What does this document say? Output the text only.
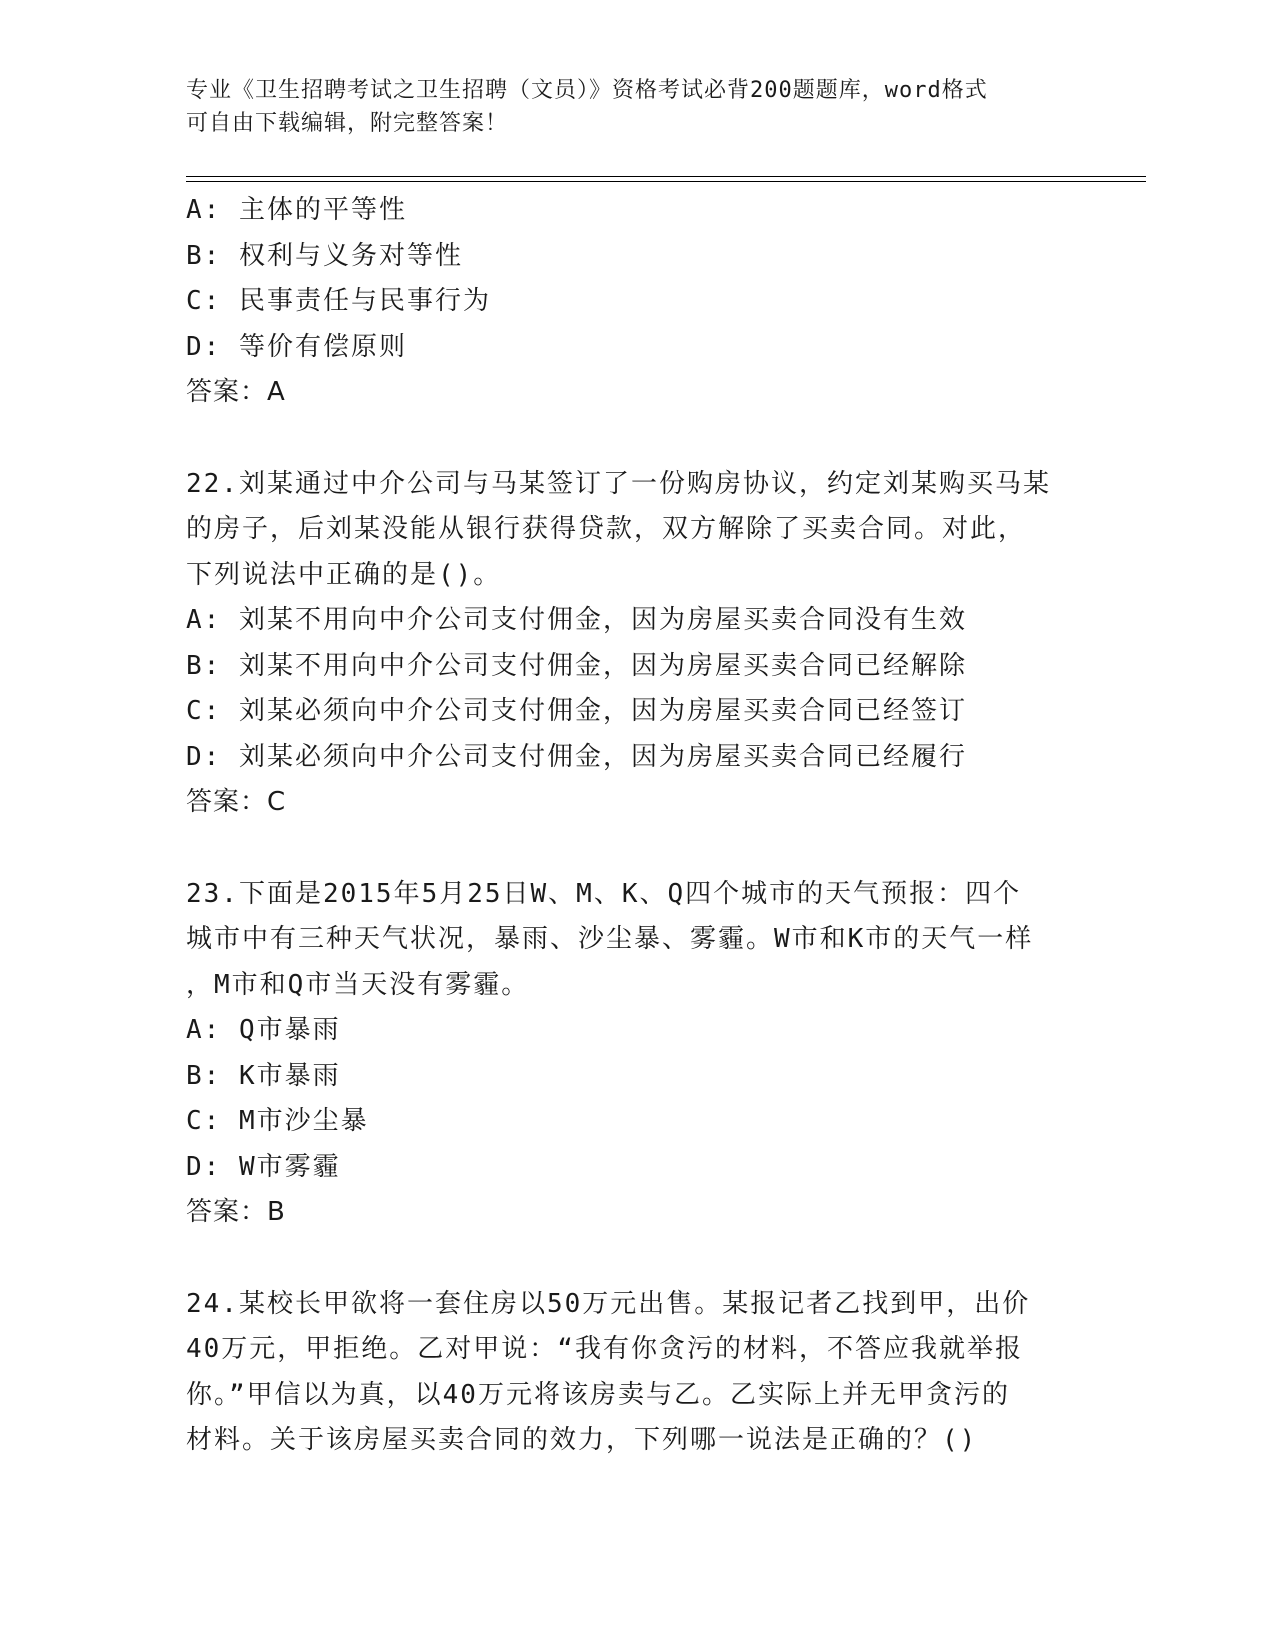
专业《卫生招聘考试之卫生招聘（文员）》资格考试必背200题题库，word格式
可自由下载编辑，附完整答案！
A: 主体的平等性
B: 权利与义务对等性
C: 民事责任与民事行为
D: 等价有偿原则
答案：A
22.刘某通过中介公司与马某签订了一份购房协议，约定刘某购买马某
的房子，后刘某没能从银行获得贷款，双方解除了买卖合同。对此，
下列说法中正确的是()。
A: 刘某不用向中介公司支付佣金，因为房屋买卖合同没有生效
B: 刘某不用向中介公司支付佣金，因为房屋买卖合同已经解除
C: 刘某必须向中介公司支付佣金，因为房屋买卖合同已经签订
D: 刘某必须向中介公司支付佣金，因为房屋买卖合同已经履行
答案：C
23.下面是2015年5月25日W、M、K、Q四个城市的天气预报：四个
城市中有三种天气状况，暴雨、沙尘暴、雾霾。W市和K市的天气一样
，M市和Q市当天没有雾霾。
A: Q市暴雨
B: K市暴雨
C: M市沙尘暴
D: W市雾霾
答案：B
24.某校长甲欲将一套住房以50万元出售。某报记者乙找到甲，出价
40万元，甲拒绝。乙对甲说：“我有你贪污的材料，不答应我就举报
你。”甲信以为真，以40万元将该房卖与乙。乙实际上并无甲贪污的
材料。关于该房屋买卖合同的效力，下列哪一说法是正确的？()
